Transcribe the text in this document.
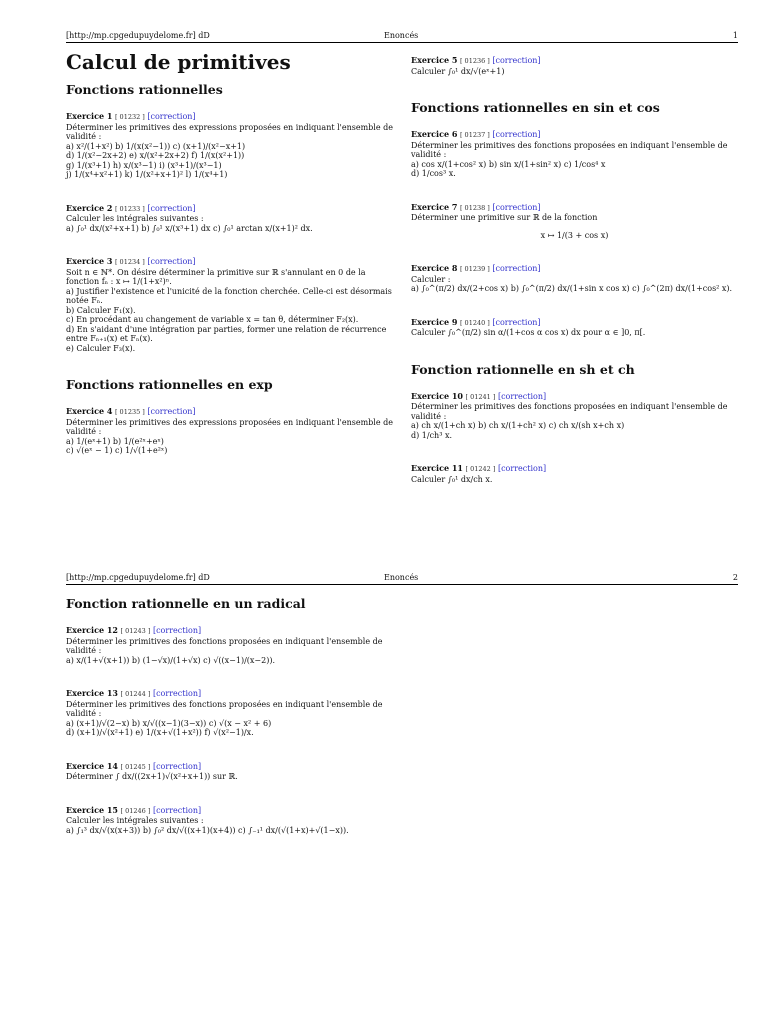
[http://mp.cpgedupuydelome.fr] dD	Enoncés	1
Calcul de primitives
Fonctions rationnelles
Exercice 1 [ 01232 ] [correction]
Déterminer les primitives des expressions proposées en indiquant l'ensemble de
validité :
a) x²/(1+x²) b) 1/(x(x²−1)) c) (x+1)/(x²−x+1)
d) 1/(x²−2x+2) e) x/(x²+2x+2) f) 1/(x(x²+1))
g) 1/(x³+1) h) x/(x³−1) i) (x³+1)/(x³−1)
j) 1/(x⁴+x²+1) k) 1/(x²+x+1)² l) 1/(x⁴+1)
Exercice 2 [ 01233 ] [correction]
Calculer les intégrales suivantes :
a) ∫₀¹ dx/(x²+x+1) b) ∫₀¹ x/(x³+1) dx c) ∫₀¹ arctan x/(x+1)² dx.
Exercice 3 [ 01234 ] [correction]
Soit n ∈ ℕ*. On désire déterminer la primitive sur ℝ s'annulant en 0 de la
fonction fₙ : x ↦ 1/(1+x²)ⁿ.
a) Justifier l'existence et l'unicité de la fonction cherchée. Celle-ci est désormais
notée Fₙ.
b) Calculer F₁(x).
c) En procédant au changement de variable x = tan θ, déterminer F₂(x).
d) En s'aidant d'une intégration par parties, former une relation de récurrence
entre Fₙ₊₁(x) et Fₙ(x).
e) Calculer F₃(x).
Fonctions rationnelles en exp
Exercice 4 [ 01235 ] [correction]
Déterminer les primitives des expressions proposées en indiquant l'ensemble de
validité :
a) 1/(eˣ+1) b) 1/(e²ˣ+eˣ)
c) √(eˣ − 1) c) 1/√(1+e²ˣ)
Exercice 5 [ 01236 ] [correction]
Calculer ∫₀¹ dx/√(eˣ+1)
Fonctions rationnelles en sin et cos
Exercice 6 [ 01237 ] [correction]
Déterminer les primitives des fonctions proposées en indiquant l'ensemble de
validité :
a) cos x/(1+cos² x) b) sin x/(1+sin² x) c) 1/cos⁴ x
d) 1/cos³ x.
Exercice 7 [ 01238 ] [correction]
Déterminer une primitive sur ℝ de la fonction
x ↦ 1/(3 + cos x)
Exercice 8 [ 01239 ] [correction]
Calculer :
a) ∫₀^(π/2) dx/(2+cos x) b) ∫₀^(π/2) dx/(1+sin x cos x) c) ∫₀^(2π) dx/(1+cos² x).
Exercice 9 [ 01240 ] [correction]
Calculer ∫₀^(π/2) sin α/(1+cos α cos x) dx pour α ∈ ]0, π[.
Fonction rationnelle en sh et ch
Exercice 10 [ 01241 ] [correction]
Déterminer les primitives des fonctions proposées en indiquant l'ensemble de
validité :
a) ch x/(1+ch x) b) ch x/(1+ch² x) c) ch x/(sh x+ch x)
d) 1/ch³ x.
Exercice 11 [ 01242 ] [correction]
Calculer ∫₀¹ dx/ch x.
[http://mp.cpgedupuydelome.fr] dD	Enoncés	2
Fonction rationnelle en un radical
Exercice 12 [ 01243 ] [correction]
Déterminer les primitives des fonctions proposées en indiquant l'ensemble de
validité :
a) x/(1+√(x+1)) b) (1−√x)/(1+√x) c) √((x−1)/(x−2)).
Exercice 13 [ 01244 ] [correction]
Déterminer les primitives des fonctions proposées en indiquant l'ensemble de
validité :
a) (x+1)/√(2−x) b) x/√((x−1)(3−x)) c) √(x − x² + 6)
d) (x+1)/√(x²+1) e) 1/(x+√(1+x²)) f) √(x²−1)/x.
Exercice 14 [ 01245 ] [correction]
Déterminer ∫ dx/((2x+1)√(x²+x+1)) sur ℝ.
Exercice 15 [ 01246 ] [correction]
Calculer les intégrales suivantes :
a) ∫₁³ dx/√(x(x+3)) b) ∫₀² dx/√((x+1)(x+4)) c) ∫₋₁¹ dx/(√(1+x)+√(1−x)).
